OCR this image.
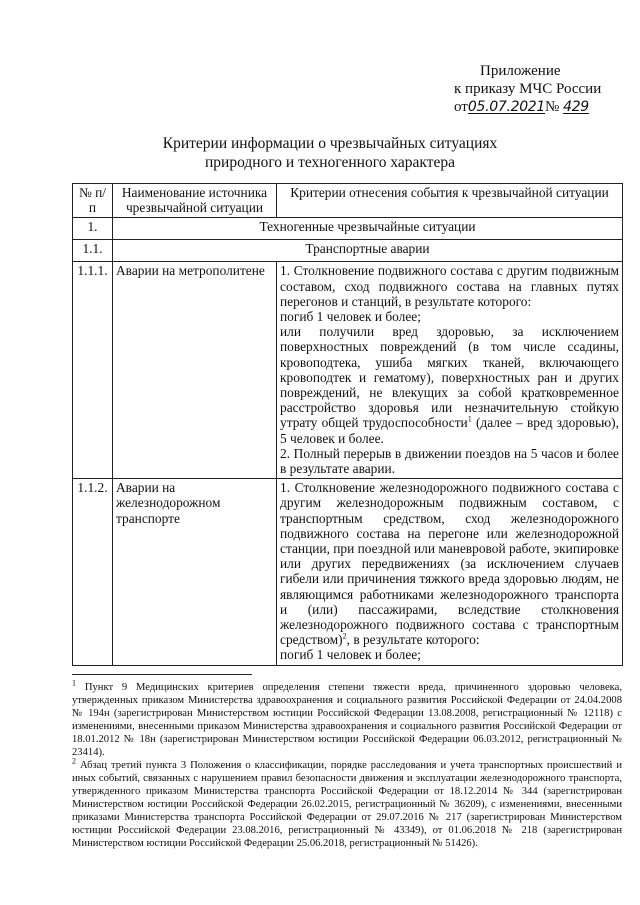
Приложение
к приказу МЧС России
от05.07.2021№ 429
Критерии информации о чрезвычайных ситуациях
природного и техногенного характера
№ п/п	Наименование источника чрезвычайной ситуации	Критерии отнесения события к чрезвычайной ситуации
1.	Техногенные чрезвычайные ситуации	
1.1.	Транспортные аварии	
1.1.1.	Аварии на метрополитене	1. Столкновение подвижного состава с другим подвижным составом, сход подвижного состава на главных путях перегонов и станций, в результате которого:

погиб 1 человек и более;

или получили вред здоровью, за исключением поверхностных повреждений (в том числе ссадины, кровоподтека, ушиба мягких тканей, включающего кровоподтек и гематому), поверхностных ран и других повреждений, не влекущих за собой кратковременное расстройство здоровья или незначительную стойкую утрату общей трудоспособности$^1$ (далее – вред здоровью), 5 человек и более.

2. Полный перерыв в движении поездов на 5 часов и более в результате аварии.

1.1.2.	Аварии на железнодорожном транспорте	1. Столкновение железнодорожного подвижного состава с другим железнодорожным подвижным составом, с транспортным средством, сход железнодорожного подвижного состава на перегоне или железнодорожной станции, при поездной или маневровой работе, экипировке или других передвижениях (за исключением случаев гибели или причинения тяжкого вреда здоровью людям, не являющимся работниками железнодорожного транспорта и (или) пассажирами, вследствие столкновения железнодорожного подвижного состава с транспортным средством)$^2$, в результате которого:

погиб 1 человек и более;

$^1$ Пункт 9 Медицинских критериев определения степени тяжести вреда, причиненного здоровью человека, утвержденных приказом Министерства здравоохранения и социального развития Российской Федерации от 24.04.2008 № 194н (зарегистрирован Министерством юстиции Российской Федерации 13.08.2008, регистрационный № 12118) с изменениями, внесенными приказом Министерства здравоохранения и социального развития Российской Федерации от 18.01.2012 № 18н (зарегистрирован Министерством юстиции Российской Федерации 06.03.2012, регистрационный № 23414).

$^2$ Абзац третий пункта 3 Положения о классификации, порядке расследования и учета транспортных происшествий и иных событий, связанных с нарушением правил безопасности движения и эксплуатации железнодорожного транспорта, утвержденного приказом Министерства транспорта Российской Федерации от 18.12.2014 № 344 (зарегистрирован Министерством юстиции Российской Федерации 26.02.2015, регистрационный № 36209), с изменениями, внесенными приказами Министерства транспорта Российской Федерации от 29.07.2016 № 217 (зарегистрирован Министерством юстиции Российской Федерации 23.08.2016, регистрационный № 43349), от 01.06.2018 № 218 (зарегистрирован Министерством юстиции Российской Федерации 25.06.2018, регистрационный № 51426).
